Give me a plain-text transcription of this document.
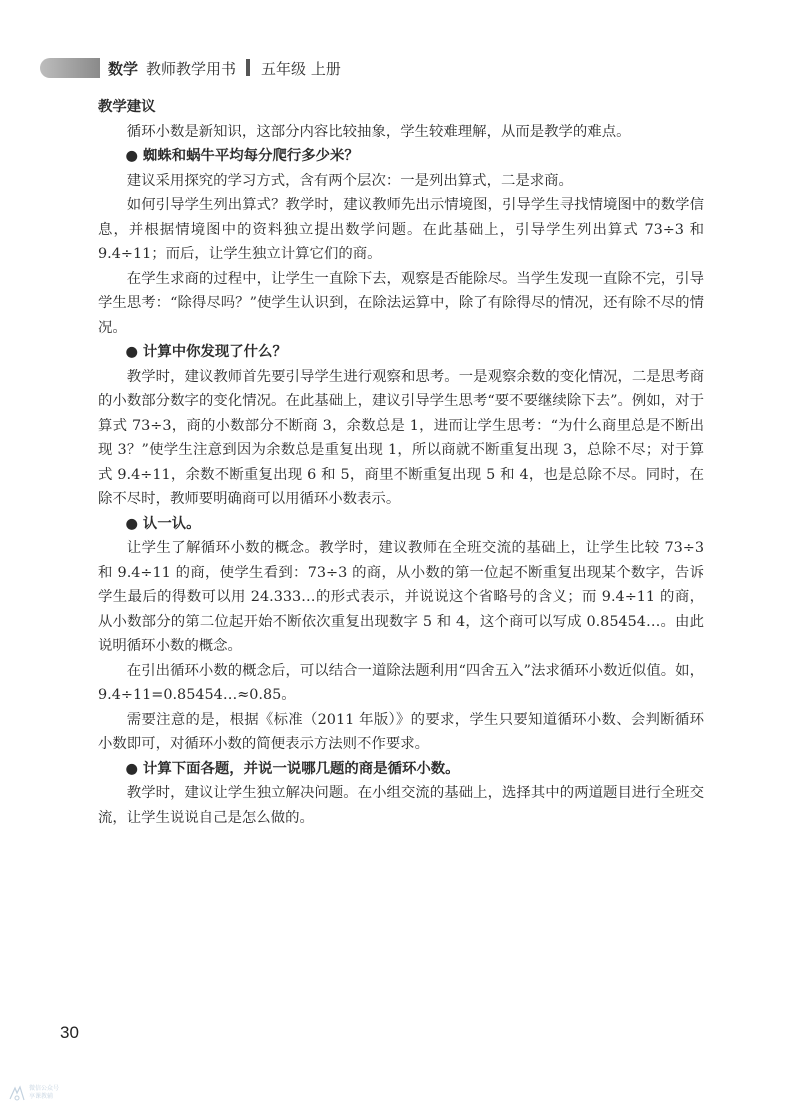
数学 教师教学用书 五年级 上册
教学建议

循环小数是新知识，这部分内容比较抽象，学生较难理解，从而是教学的难点。

● 蜘蛛和蜗牛平均每分爬行多少米？

建议采用探究的学习方式，含有两个层次：一是列出算式，二是求商。

如何引导学生列出算式？教学时，建议教师先出示情境图，引导学生寻找情境图中的数学信息，并根据情境图中的资料独立提出数学问题。在此基础上，引导学生列出算式 73÷3 和 9.4÷11；而后，让学生独立计算它们的商。

在学生求商的过程中，让学生一直除下去，观察是否能除尽。当学生发现一直除不完，引导学生思考：“除得尽吗？”使学生认识到，在除法运算中，除了有除得尽的情况，还有除不尽的情况。

● 计算中你发现了什么？

教学时，建议教师首先要引导学生进行观察和思考。一是观察余数的变化情况，二是思考商的小数部分数字的变化情况。在此基础上，建议引导学生思考“要不要继续除下去”。例如，对于算式 73÷3，商的小数部分不断商 3，余数总是 1，进而让学生思考：“为什么商里总是不断出现 3？”使学生注意到因为余数总是重复出现 1，所以商就不断重复出现 3，总除不尽；对于算式 9.4÷11，余数不断重复出现 6 和 5，商里不断重复出现 5 和 4，也是总除不尽。同时，在除不尽时，教师要明确商可以用循环小数表示。

● 认一认。

让学生了解循环小数的概念。教学时，建议教师在全班交流的基础上，让学生比较 73÷3 和 9.4÷11 的商，使学生看到：73÷3 的商，从小数的第一位起不断重复出现某个数字，告诉学生最后的得数可以用 24.333…的形式表示，并说说这个省略号的含义；而 9.4÷11 的商，从小数部分的第二位起开始不断依次重复出现数字 5 和 4，这个商可以写成 0.85454…。由此说明循环小数的概念。

在引出循环小数的概念后，可以结合一道除法题利用“四舍五入”法求循环小数近似值。如，9.4÷11=0.85454…≈0.85。

需要注意的是，根据《标准（2011 年版）》的要求，学生只要知道循环小数、会判断循环小数即可，对循环小数的简便表示方法则不作要求。

● 计算下面各题，并说一说哪几题的商是循环小数。

教学时，建议让学生独立解决问题。在小组交流的基础上，选择其中的两道题目进行全班交流，让学生说说自己是怎么做的。

30
微信公众号
享课教辅
